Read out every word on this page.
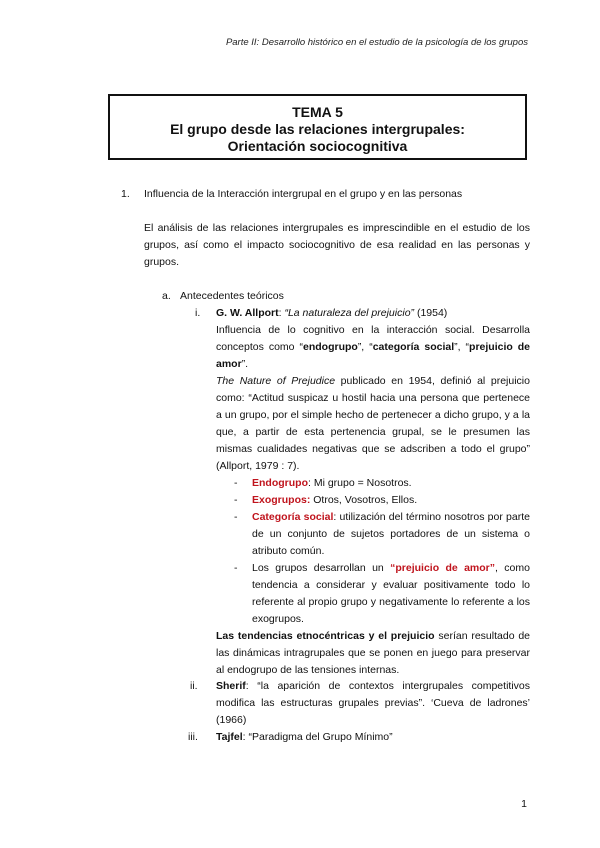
Parte II: Desarrollo histórico en el estudio de la psicología de los grupos
TEMA 5
El grupo desde las relaciones intergrupales:
Orientación sociocognitiva
1. Influencia de la Interacción intergrupal en el grupo y en las personas
El análisis de las relaciones intergrupales es imprescindible en el estudio de los grupos, así como el impacto sociocognitivo de esa realidad en las personas y grupos.
a. Antecedentes teóricos
i. G. W. Allport: “La naturaleza del prejuicio” (1954)
Influencia de lo cognitivo en la interacción social. Desarrolla conceptos como “endogrupo”, “categoría social”, “prejuicio de amor”.
The Nature of Prejudice publicado en 1954, definió al prejuicio como: “Actitud suspicaz u hostil hacia una persona que pertenece a un grupo, por el simple hecho de pertenecer a dicho grupo, y a la que, a partir de esta pertenencia grupal, se le presumen las mismas cualidades negativas que se adscriben a todo el grupo” (Allport, 1979 : 7).
- Endogrupo: Mi grupo = Nosotros.
- Exogrupos: Otros, Vosotros, Ellos.
- Categoría social: utilización del término nosotros por parte de un conjunto de sujetos portadores de un sistema o atributo común.
- Los grupos desarrollan un “prejuicio de amor”, como tendencia a considerar y evaluar positivamente todo lo referente al propio grupo y negativamente lo referente a los exogrupos.
Las tendencias etnocéntricas y el prejuicio serían resultado de las dinámicas intragrupales que se ponen en juego para preservar al endogrupo de las tensiones internas.
ii. Sherif: “la aparición de contextos intergrupales competitivos modifica las estructuras grupales previas”. ‘Cueva de ladrones’ (1966)
iii. Tajfel: “Paradigma del Grupo Mínimo”
1
